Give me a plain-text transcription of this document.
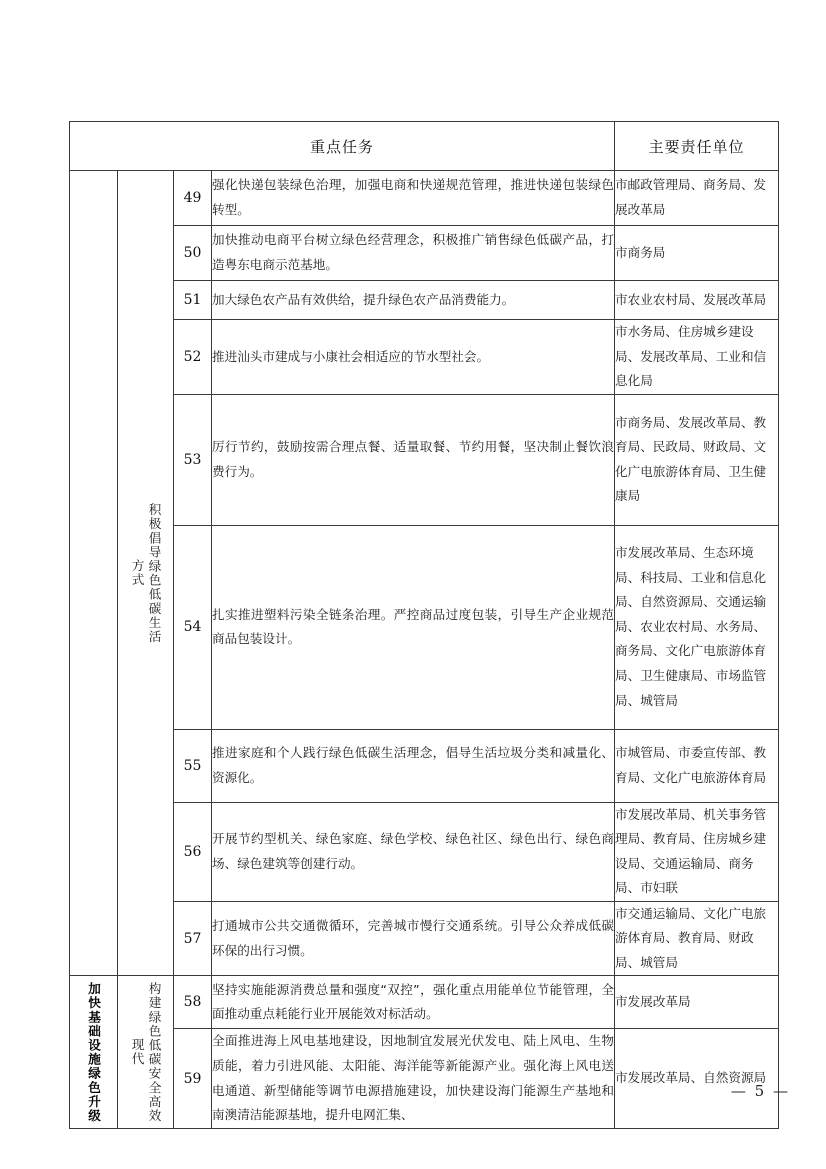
重点任务				主要责任单位

	积极倡导绿色低碳生活方式	49	强化快递包装绿色治理，加强电商和快递规范管理，推进快递包装绿色转型。	市邮政管理局、商务局、发展改革局
		50	加快推动电商平台树立绿色经营理念，积极推广销售绿色低碳产品，打造粤东电商示范基地。	市商务局
		51	加大绿色农产品有效供给，提升绿色农产品消费能力。	市农业农村局、发展改革局
		52	推进汕头市建成与小康社会相适应的节水型社会。	市水务局、住房城乡建设局、发展改革局、工业和信息化局
		53	厉行节约，鼓励按需合理点餐、适量取餐、节约用餐，坚决制止餐饮浪费行为。	市商务局、发展改革局、教育局、民政局、财政局、文化广电旅游体育局、卫生健康局
		54	扎实推进塑料污染全链条治理。严控商品过度包装，引导生产企业规范商品包装设计。	市发展改革局、生态环境局、科技局、工业和信息化局、自然资源局、交通运输局、农业农村局、水务局、商务局、文化广电旅游体育局、卫生健康局、市场监管局、城管局
		55	推进家庭和个人践行绿色低碳生活理念，倡导生活垃圾分类和减量化、资源化。	市城管局、市委宣传部、教育局、文化广电旅游体育局
		56	开展节约型机关、绿色家庭、绿色学校、绿色社区、绿色出行、绿色商场、绿色建筑等创建行动。	市发展改革局、机关事务管理局、教育局、住房城乡建设局、交通运输局、商务局、市妇联
		57	打通城市公共交通微循环，完善城市慢行交通系统。引导公众养成低碳环保的出行习惯。	市交通运输局、文化广电旅游体育局、教育局、财政局、城管局

加快基础设施绿色升级	构建绿色低碳安全高效现代	58	坚持实施能源消费总量和强度“双控”，强化重点用能单位节能管理，全面推动重点耗能行业开展能效对标活动。	市发展改革局
		59	全面推进海上风电基地建设，因地制宜发展光伏发电、陆上风电、生物质能，着力引进风能、太阳能、海洋能等新能源产业。强化海上风电送电通道、新型储能等调节电源措施建设，加快建设海门能源生产基地和南澳清洁能源基地，提升电网汇集、	市发展改革局、自然资源局
— 5 —
